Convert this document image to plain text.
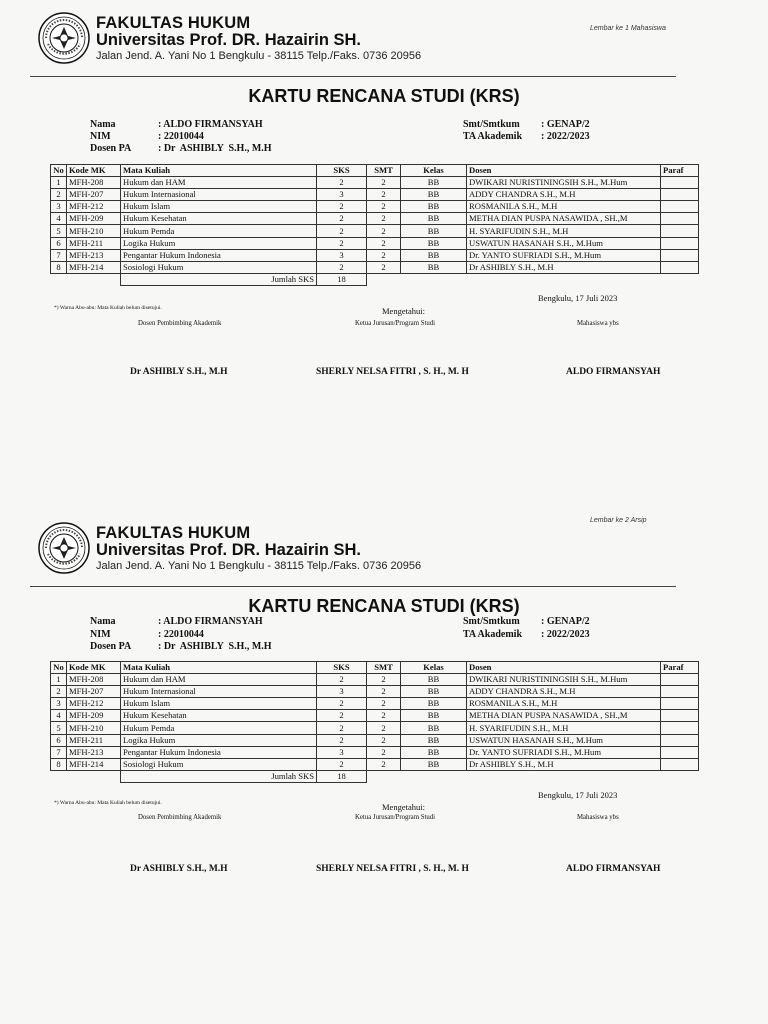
FAKULTAS HUKUM
Universitas Prof. DR. Hazairin SH.
Jalan Jend. A. Yani No 1 Bengkulu - 38115 Telp./Faks. 0736 20956
Lembar ke 1 Mahasiswa
KARTU RENCANA STUDI (KRS)

Nama

	: ALDO FIRMANSYAH

NIM

	: 22010044

Dosen PA

	: Dr  ASHIBLY  S.H., M.H

Smt/Smtkum

: GENAP/2

TA Akademik

: 2022/2023

No	Kode MK	Mata Kuliah	SKS	SMT	Kelas	Dosen	Paraf
1	MFH-208	Hukum dan HAM	2	2	BB	DWIKARI NURISTININGSIH S.H., M.Hum	
2	MFH-207	Hukum Internasional	3	2	BB	ADDY CHANDRA S.H., M.H	
3	MFH-212	Hukum Islam	2	2	BB	ROSMANILA S.H., M.H	
4	MFH-209	Hukum Kesehatan	2	2	BB	METHA DIAN PUSPA NASAWIDA , SH.,M	
5	MFH-210	Hukum Pemda	2	2	BB	H. SYARIFUDIN S.H., M.H	
6	MFH-211	Logika Hukum	2	2	BB	USWATUN HASANAH S.H., M.Hum	
7	MFH-213	Pengantar Hukum Indonesia	3	2	BB	Dr. YANTO SUFRIADI S.H., M.Hum	
8	MFH-214	Sosiologi Hukum	2	2	BB	Dr ASHIBLY S.H., M.H	
		Jumlah SKS	18				
Bengkulu, 17 Juli 2023
*) Warna Abu-abu: Mata Kuliah belum disetujui.	Mengetahui:
Dosen Pembimbing Akademik	Ketua Jurusan/Program Studi	Mahasiswa ybs
Dr ASHIBLY S.H., M.H	SHERLY NELSA FITRI , S. H., M. H	ALDO FIRMANSYAH
FAKULTAS HUKUM
Universitas Prof. DR. Hazairin SH.
Jalan Jend. A. Yani No 1 Bengkulu - 38115 Telp./Faks. 0736 20956
Lembar ke 2 Arsip
KARTU RENCANA STUDI (KRS)

Nama

	: ALDO FIRMANSYAH

NIM

	: 22010044

Dosen PA

	: Dr  ASHIBLY  S.H., M.H

Smt/Smtkum

: GENAP/2

TA Akademik

: 2022/2023

No	Kode MK	Mata Kuliah	SKS	SMT	Kelas	Dosen	Paraf
1	MFH-208	Hukum dan HAM	2	2	BB	DWIKARI NURISTININGSIH S.H., M.Hum	
2	MFH-207	Hukum Internasional	3	2	BB	ADDY CHANDRA S.H., M.H	
3	MFH-212	Hukum Islam	2	2	BB	ROSMANILA S.H., M.H	
4	MFH-209	Hukum Kesehatan	2	2	BB	METHA DIAN PUSPA NASAWIDA , SH.,M	
5	MFH-210	Hukum Pemda	2	2	BB	H. SYARIFUDIN S.H., M.H	
6	MFH-211	Logika Hukum	2	2	BB	USWATUN HASANAH S.H., M.Hum	
7	MFH-213	Pengantar Hukum Indonesia	3	2	BB	Dr. YANTO SUFRIADI S.H., M.Hum	
8	MFH-214	Sosiologi Hukum	2	2	BB	Dr ASHIBLY S.H., M.H	
		Jumlah SKS	18				
Bengkulu, 17 Juli 2023
*) Warna Abu-abu: Mata Kuliah belum disetujui.	Mengetahui:
Dosen Pembimbing Akademik	Ketua Jurusan/Program Studi	Mahasiswa ybs
Dr ASHIBLY S.H., M.H	SHERLY NELSA FITRI , S. H., M. H	ALDO FIRMANSYAH
